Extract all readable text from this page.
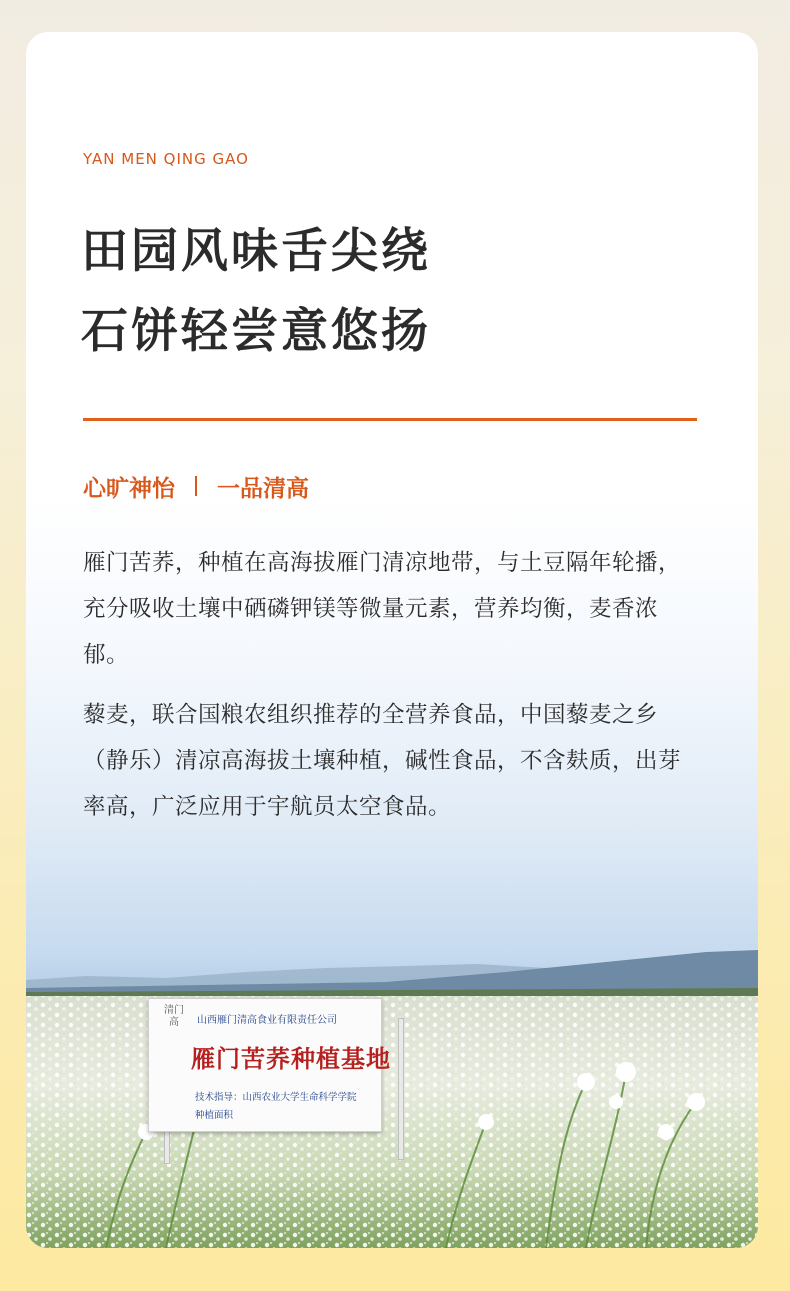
YAN MEN QING GAO

田园风味舌尖绕
石饼轻尝意悠扬
心旷神怡 一品清高

雁门苦荞，种植在高海拔雁门清凉地带，与土豆隔年轮播，充分吸收土壤中硒磷钾镁等微量元素，营养均衡，麦香浓郁。

藜麦，联合国粮农组织推荐的全营养食品，中国藜麦之乡（静乐）清凉高海拔土壤种植，碱性食品，不含麸质，出芽率高，广泛应用于宇航员太空食品。

清门
高	山西雁门清高食业有限责任公司
雁门苦荞种植基地
技术指导：山西农业大学生命科学学院
种植面积
